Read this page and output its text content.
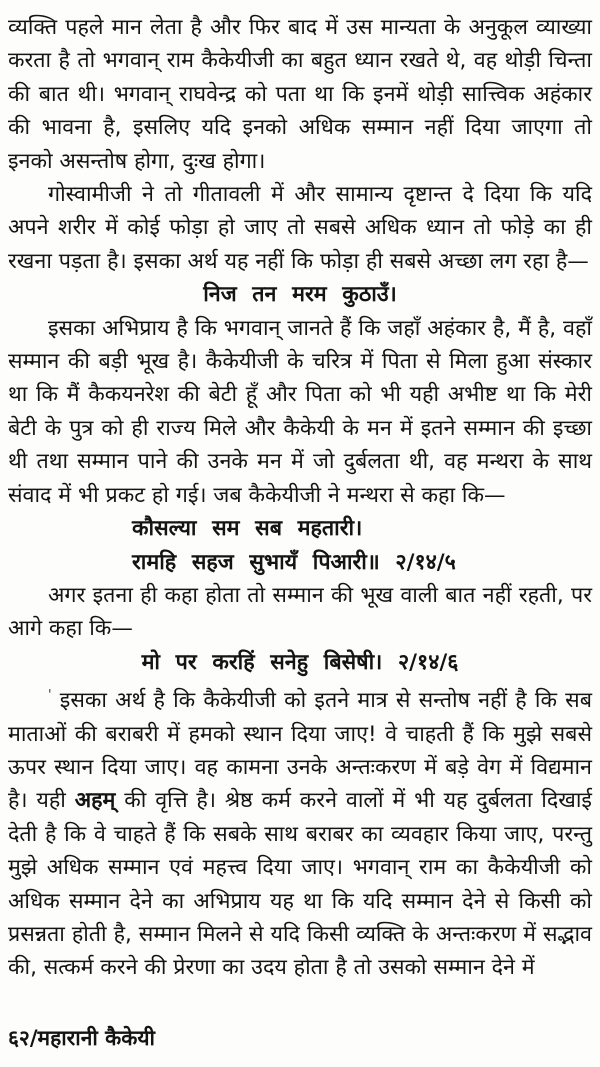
व्यक्ति पहले मान लेता है और फिर बाद में उस मान्यता के अनुकूल व्याख्या करता है तो भगवान् राम कैकेयीजी का बहुत ध्यान रखते थे, वह थोड़ी चिन्ता की बात थी। भगवान् राघवेन्द्र को पता था कि इनमें थोड़ी सात्त्विक अहंकार की भावना है, इसलिए यदि इनको अधिक सम्मान नहीं दिया जाएगा तो इनको असन्तोष होगा, दुःख होगा।

गोस्वामीजी ने तो गीतावली में और सामान्य दृष्टान्त दे दिया कि यदि अपने शरीर में कोई फोड़ा हो जाए तो सबसे अधिक ध्यान तो फोड़े का ही रखना पड़ता है। इसका अर्थ यह नहीं कि फोड़ा ही सबसे अच्छा लग रहा है—

निज तन मरम कुठाउँ।

इसका अभिप्राय है कि भगवान् जानते हैं कि जहाँ अहंकार है, मैं है, वहाँ सम्मान की बड़ी भूख है। कैकेयीजी के चरित्र में पिता से मिला हुआ संस्कार था कि मैं कैकयनरेश की बेटी हूँ और पिता को भी यही अभीष्ट था कि मेरी बेटी के पुत्र को ही राज्य मिले और कैकेयी के मन में इतने सम्मान की इच्छा थी तथा सम्मान पाने की उनके मन में जो दुर्बलता थी, वह मन्थरा के साथ संवाद में भी प्रकट हो गई। जब कैकेयीजी ने मन्थरा से कहा कि—

कौसल्या सम सब महतारी।
रामहि सहज सुभायँ पिआरी॥ २/१४/५

अगर इतना ही कहा होता तो सम्मान की भूख वाली बात नहीं रहती, पर आगे कहा कि—

मो पर करहिं सनेहु बिसेषी। २/१४/६

' इसका अर्थ है कि कैकेयीजी को इतने मात्र से सन्तोष नहीं है कि सब माताओं की बराबरी में हमको स्थान दिया जाए! वे चाहती हैं कि मुझे सबसे ऊपर स्थान दिया जाए। वह कामना उनके अन्तःकरण में बड़े वेग में विद्यमान है। यही अहम् की वृत्ति है। श्रेष्ठ कर्म करने वालों में भी यह दुर्बलता दिखाई देती है कि वे चाहते हैं कि सबके साथ बराबर का व्यवहार किया जाए, परन्तु मुझे अधिक सम्मान एवं महत्त्व दिया जाए। भगवान् राम का कैकेयीजी को अधिक सम्मान देने का अभिप्राय यह था कि यदि सम्मान देने से किसी को प्रसन्नता होती है, सम्मान मिलने से यदि किसी व्यक्ति के अन्तःकरण में सद्भाव की, सत्कर्म करने की प्रेरणा का उदय होता है तो उसको सम्मान देने में

६२/महारानी कैकेयी
